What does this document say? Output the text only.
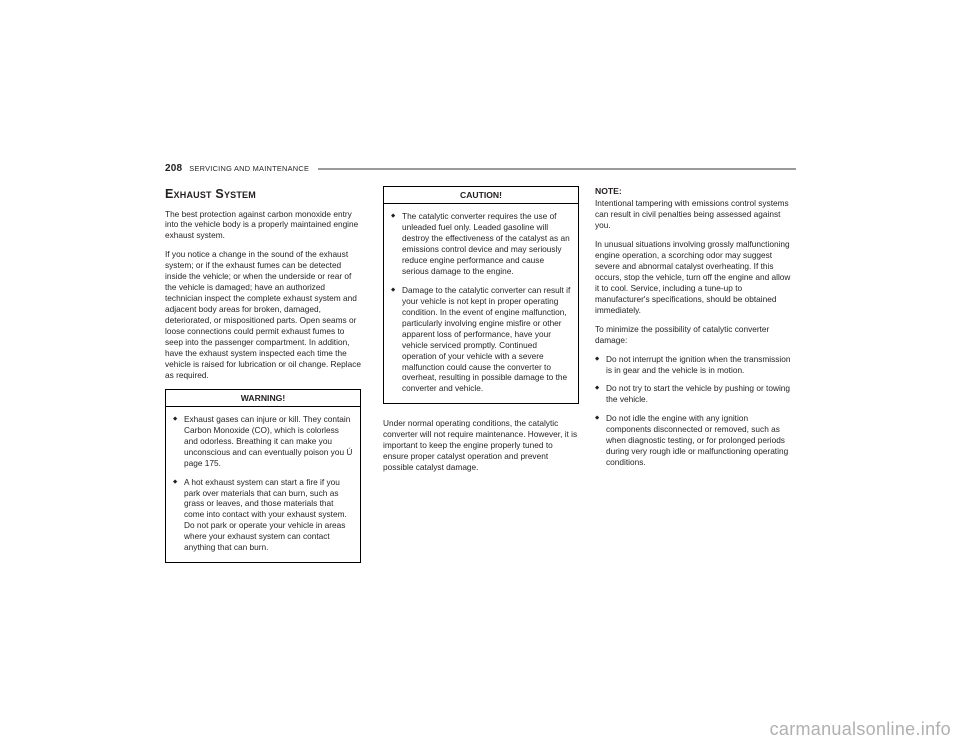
208 SERVICING AND MAINTENANCE
Exhaust System

The best protection against carbon monoxide entry into the vehicle body is a properly maintained engine exhaust system.

If you notice a change in the sound of the exhaust system; or if the exhaust fumes can be detected inside the vehicle; or when the underside or rear of the vehicle is damaged; have an authorized technician inspect the complete exhaust system and adjacent body areas for broken, damaged, deteriorated, or mispositioned parts. Open seams or loose connections could permit exhaust fumes to seep into the passenger compartment. In addition, have the exhaust system inspected each time the vehicle is raised for lubrication or oil change. Replace as required.

WARNING!
◆ Exhaust gases can injure or kill. They contain Carbon Monoxide (CO), which is colorless and odorless. Breathing it can make you unconscious and can eventually poison you Ú page 175.
◆ A hot exhaust system can start a fire if you park over materials that can burn, such as grass or leaves, and those materials that come into contact with your exhaust system. Do not park or operate your vehicle in areas where your exhaust system can contact anything that can burn.
CAUTION!
◆ The catalytic converter requires the use of unleaded fuel only. Leaded gasoline will destroy the effectiveness of the catalyst as an emissions control device and may seriously reduce engine performance and cause serious damage to the engine.
◆ Damage to the catalytic converter can result if your vehicle is not kept in proper operating condition. In the event of engine malfunction, particularly involving engine misfire or other apparent loss of performance, have your vehicle serviced promptly. Continued operation of your vehicle with a severe malfunction could cause the converter to overheat, resulting in possible damage to the converter and vehicle.

Under normal operating conditions, the catalytic converter will not require maintenance. However, it is important to keep the engine properly tuned to ensure proper catalyst operation and prevent possible catalyst damage.

NOTE:

Intentional tampering with emissions control systems can result in civil penalties being assessed against you.

In unusual situations involving grossly malfunctioning engine operation, a scorching odor may suggest severe and abnormal catalyst overheating. If this occurs, stop the vehicle, turn off the engine and allow it to cool. Service, including a tune-up to manufacturer's specifications, should be obtained immediately.

To minimize the possibility of catalytic converter damage:

◆ Do not interrupt the ignition when the transmission is in gear and the vehicle is in motion.
◆ Do not try to start the vehicle by pushing or towing the vehicle.
◆ Do not idle the engine with any ignition components disconnected or removed, such as when diagnostic testing, or for prolonged periods during very rough idle or malfunctioning operating conditions.
carmanualsonline.info
